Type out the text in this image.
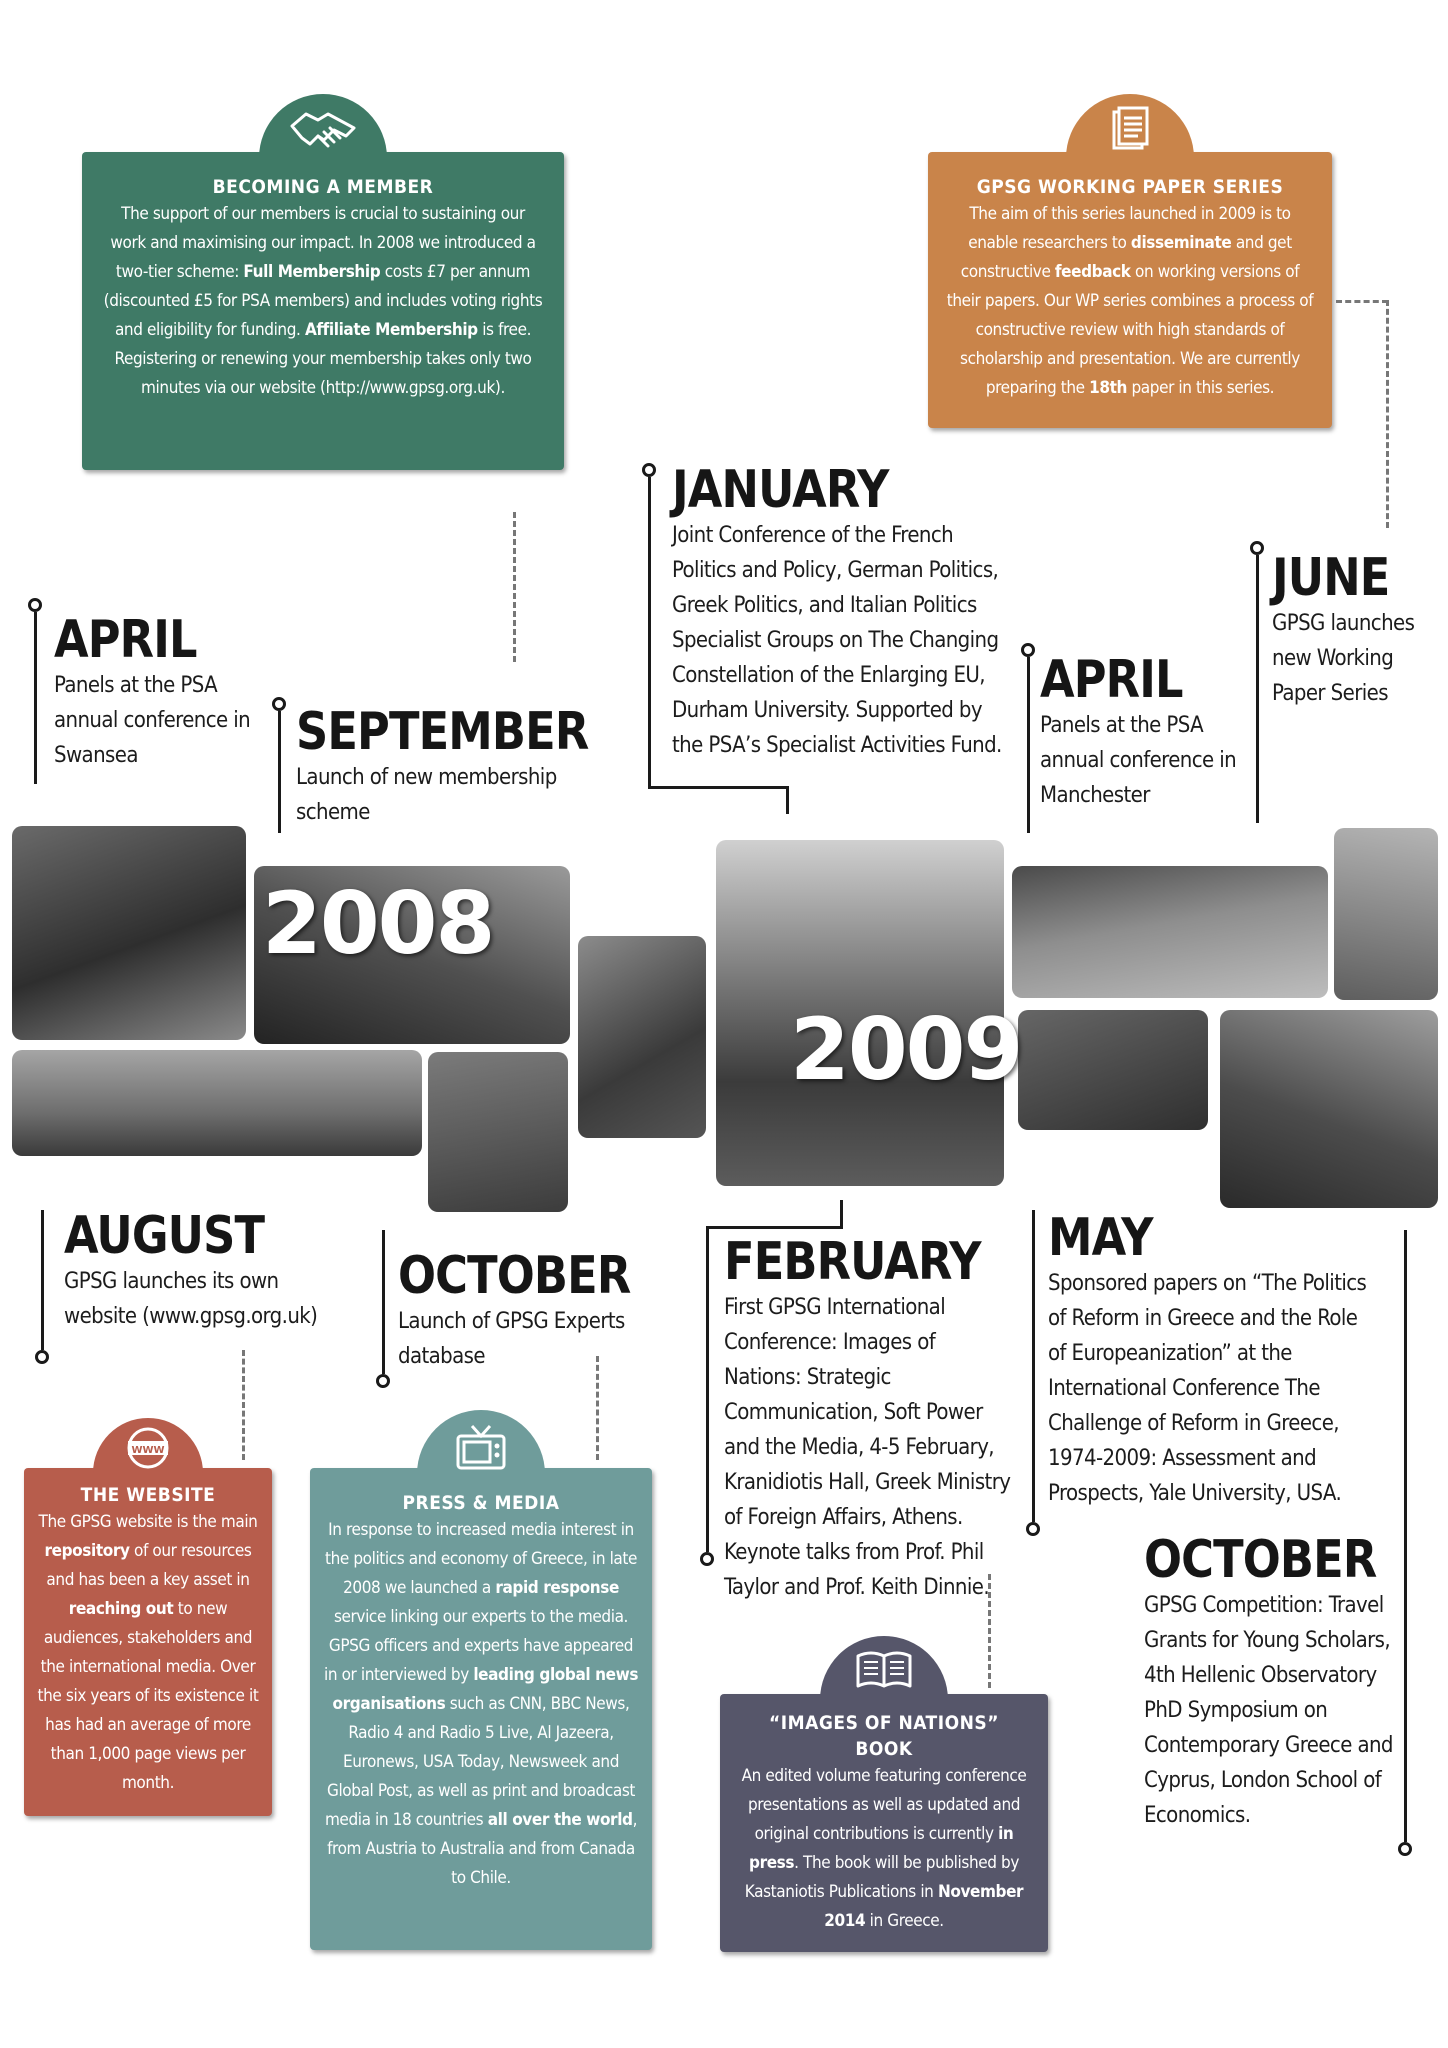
BECOMING A MEMBER

The support of our members is crucial to sustaining our work and maximising our impact. In 2008 we introduced a two-tier scheme: Full Membership costs £7 per annum (discounted £5 for PSA members) and includes voting rights and eligibility for funding. Affiliate Membership is free. Registering or renewing your membership takes only two minutes via our website (http://www.gpsg.org.uk).

GPSG WORKING PAPER SERIES

The aim of this series launched in 2009 is to enable researchers to disseminate and get constructive feedback on working versions of their papers. Our WP series combines a process of constructive review with high standards of scholarship and presentation. We are currently preparing the 18th paper in this series.

WWW
THE WEBSITE

The GPSG website is the main repository of our resources and has been a key asset in reaching out to new audiences, stakeholders and the international media. Over the six years of its existence it has had an average of more than 1,000 page views per month.

PRESS & MEDIA

In response to increased media interest in the politics and economy of Greece, in late 2008 we launched a rapid response service linking our experts to the media. GPSG officers and experts have appeared in or interviewed by leading global news organisations such as CNN, BBC News, Radio 4 and Radio 5 Live, Al Jazeera, Euronews, USA Today, Newsweek and Global Post, as well as print and broadcast media in 18 countries all over the world, from Austria to Australia and from Canada to Chile.

“IMAGES OF NATIONS”
BOOK

An edited volume featuring conference presentations as well as updated and original contributions is currently in press. The book will be published by Kastaniotis Publications in November 2014 in Greece.

APRIL
Panels at the PSA annual conference in Swansea	SEPTEMBER
Launch of new membership scheme
JANUARY
Joint Conference of the French Politics and Policy, German Politics, Greek Politics, and Italian Politics Specialist Groups on The Changing Constellation of the Enlarging EU, Durham University. Supported by the PSA’s Specialist Activities Fund.
APRIL
Panels at the PSA annual conference in Manchester
JUNE
GPSG launches new Working Paper Series
AUGUST
GPSG launches its own website (www.gpsg.org.uk)
OCTOBER
Launch of GPSG Experts database
FEBRUARY
First GPSG International Conference: Images of Nations: Strategic Communication, Soft Power and the Media, 4-5 February, Kranidiotis Hall, Greek Ministry of Foreign Affairs, Athens. Keynote talks from Prof. Phil Taylor and Prof. Keith Dinnie.
MAY
Sponsored papers on “The Politics of Reform in Greece and the Role of Europeanization” at the International Conference The Challenge of Reform in Greece, 1974-2009: Assessment and Prospects, Yale University, USA.
OCTOBER
GPSG Competition: Travel Grants for Young Scholars, 4th Hellenic Observatory PhD Symposium on Contemporary Greece and Cyprus, London School of Economics.
2008
2009
